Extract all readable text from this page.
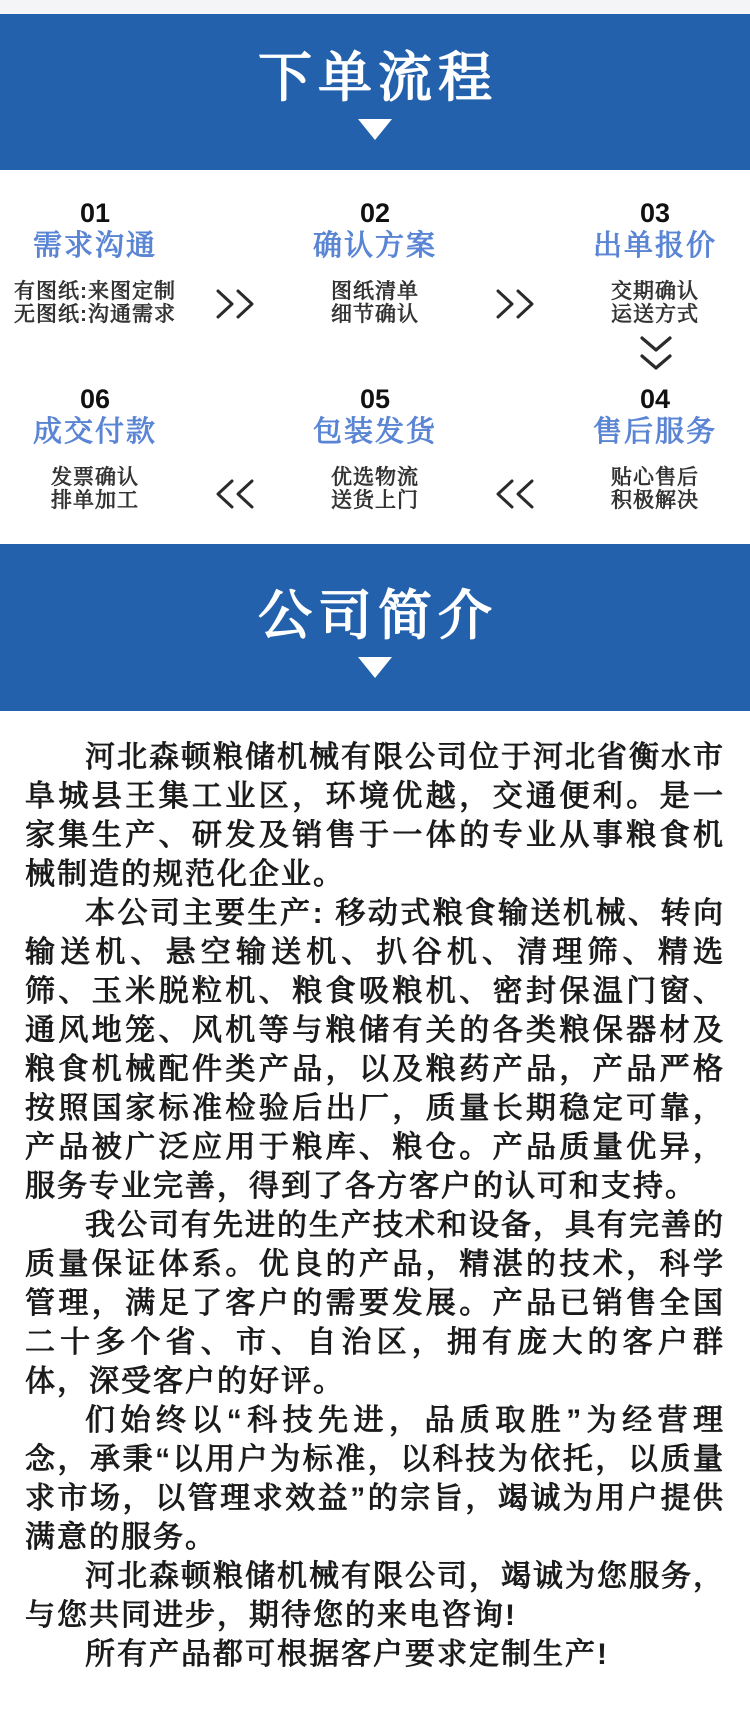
下单流程
01
需求沟通
有图纸:来图定制
无图纸:沟通需求
02
确认方案
图纸清单
细节确认
03
出单报价
交期确认
运送方式
06
成交付款
发票确认
排单加工
05
包装发货
优选物流
送货上门
04
售后服务
贴心售后
积极解决
公司简介

河北森顿粮储机械有限公司位于河北省衡水市阜城县王集工业区，环境优越，交通便利。是一家集生产、研发及销售于一体的专业从事粮食机械制造的规范化企业。

本公司主要生产: 移动式粮食输送机械、转向输送机、悬空输送机、扒谷机、清理筛、精选筛、玉米脱粒机、粮食吸粮机、密封保温门窗、通风地笼、风机等与粮储有关的各类粮保器材及粮食机械配件类产品，以及粮药产品，产品严格按照国家标准检验后出厂，质量长期稳定可靠，产品被广泛应用于粮库、粮仓。产品质量优异，服务专业完善，得到了各方客户的认可和支持。

我公司有先进的生产技术和设备，具有完善的质量保证体系。优良的产品，精湛的技术，科学管理，满足了客户的需要发展。产品已销售全国二十多个省、市、自治区，拥有庞大的客户群体，深受客户的好评。

们始终以“科技先进，品质取胜”为经营理念，承秉“以用户为标准，以科技为依托，以质量求市场，以管理求效益”的宗旨，竭诚为用户提供满意的服务。

河北森顿粮储机械有限公司，竭诚为您服务，与您共同进步，期待您的来电咨询!

所有产品都可根据客户要求定制生产!
